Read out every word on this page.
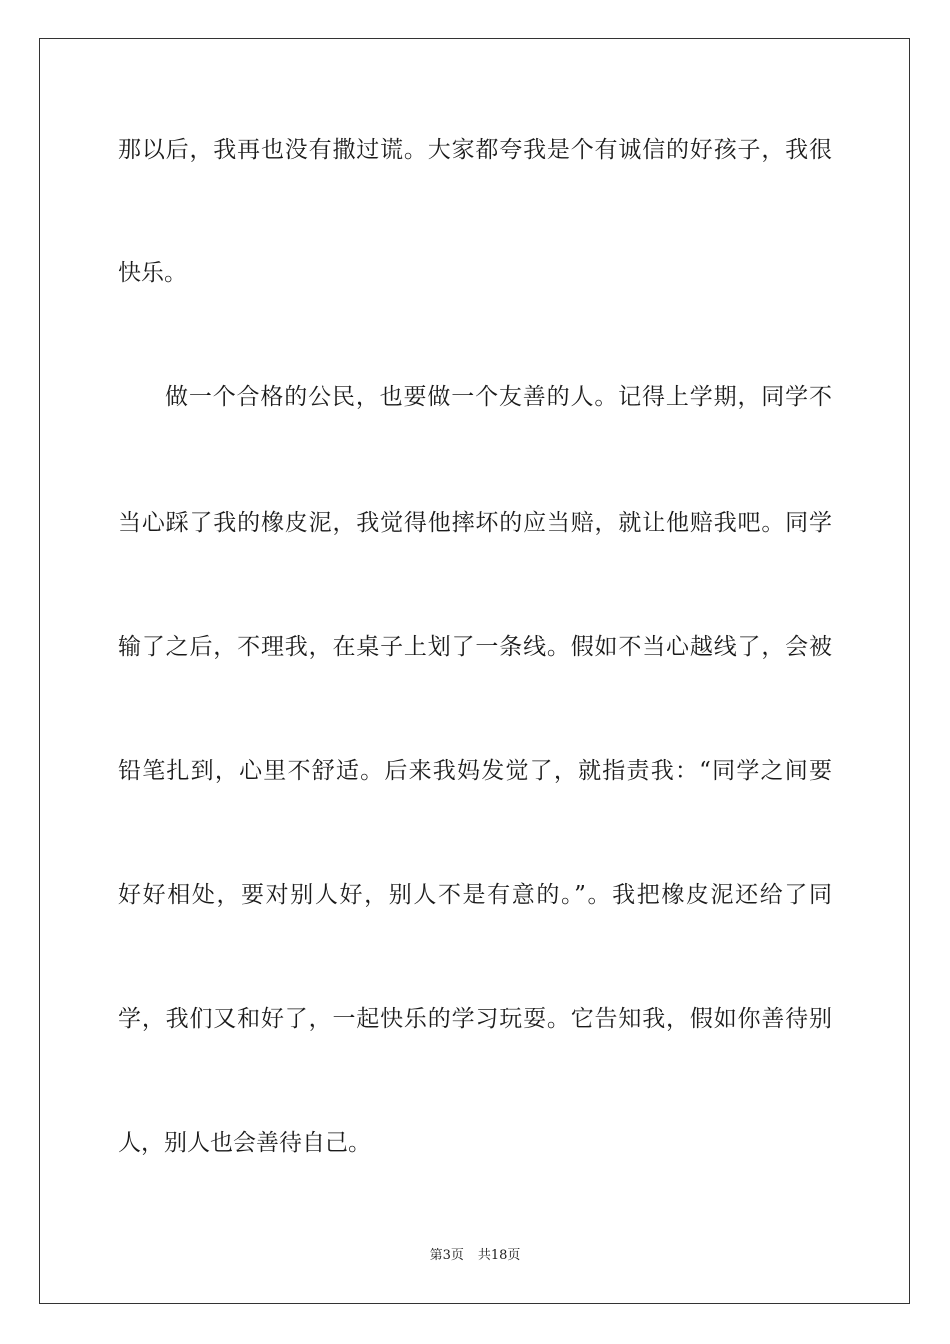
那以后，我再也没有撒过谎。大家都夸我是个有诚信的好孩子，我很
快乐。
做一个合格的公民，也要做一个友善的人。记得上学期，同学不
当心踩了我的橡皮泥，我觉得他摔坏的应当赔，就让他赔我吧。同学
输了之后，不理我，在桌子上划了一条线。假如不当心越线了，会被
铅笔扎到，心里不舒适。后来我妈发觉了，就指责我：“同学之间要
好好相处，要对别人好，别人不是有意的。”。我把橡皮泥还给了同
学，我们又和好了，一起快乐的学习玩耍。它告知我，假如你善待别
人，别人也会善待自己。
第3页 共18页
